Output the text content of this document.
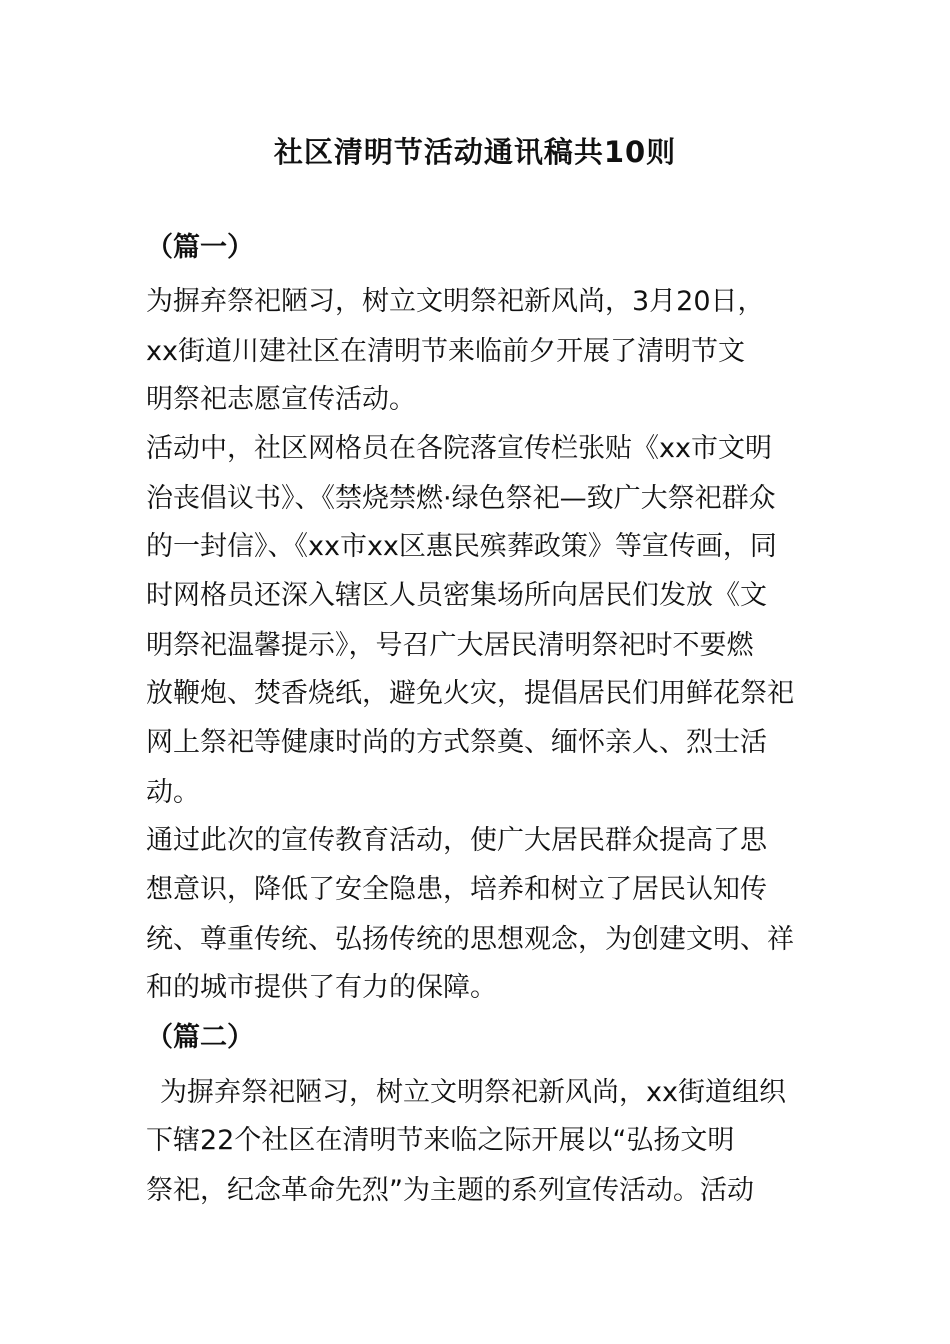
社区清明节活动通讯稿共10则
（篇一）
为摒弃祭祀陋习，树立文明祭祀新风尚，3月20日，
xx街道川建社区在清明节来临前夕开展了清明节文
明祭祀志愿宣传活动。
活动中，社区网格员在各院落宣传栏张贴《xx市文明
治丧倡议书》、《禁烧禁燃·绿色祭祀—致广大祭祀群众
的一封信》、《xx市xx区惠民殡葬政策》等宣传画，同
时网格员还深入辖区人员密集场所向居民们发放《文
明祭祀温馨提示》，号召广大居民清明祭祀时不要燃
放鞭炮、焚香烧纸，避免火灾，提倡居民们用鲜花祭祀
网上祭祀等健康时尚的方式祭奠、缅怀亲人、烈士活
动。
通过此次的宣传教育活动，使广大居民群众提高了思
想意识，降低了安全隐患，培养和树立了居民认知传
统、尊重传统、弘扬传统的思想观念，为创建文明、祥
和的城市提供了有力的保障。
（篇二）
为摒弃祭祀陋习，树立文明祭祀新风尚，xx街道组织
下辖22个社区在清明节来临之际开展以“弘扬文明
祭祀，纪念革命先烈”为主题的系列宣传活动。活动
